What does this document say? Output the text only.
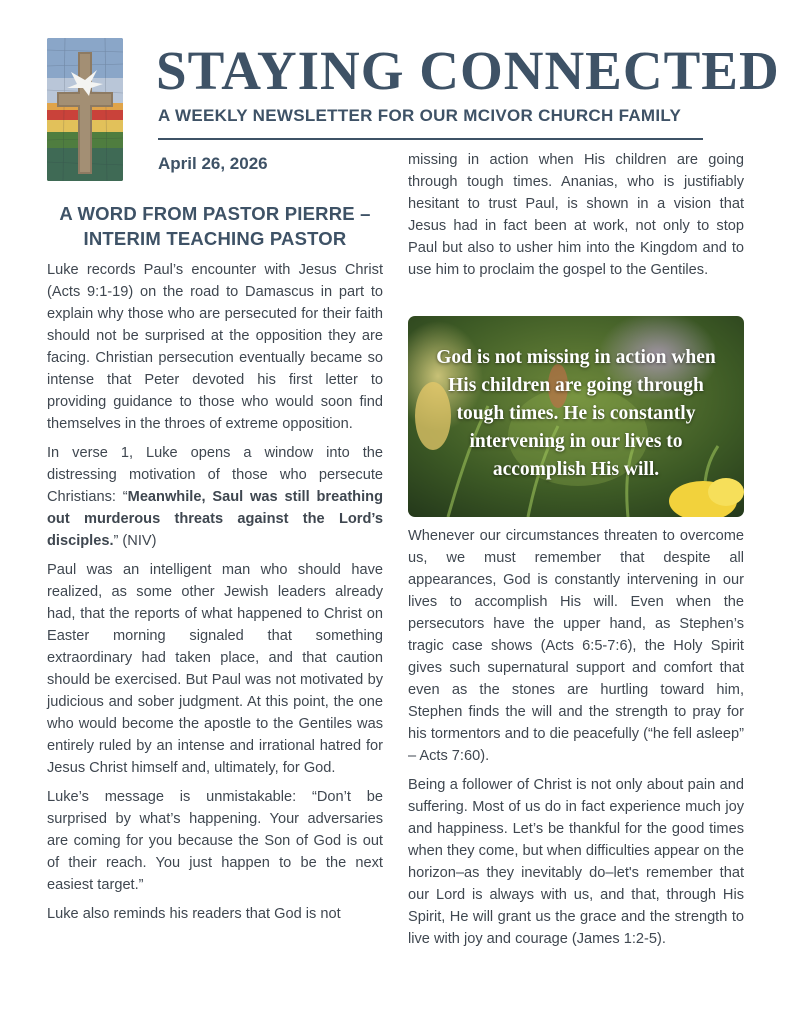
STAYING CONNECTED

A WEEKLY NEWSLETTER FOR OUR MCIVOR CHURCH FAMILY

April 26, 2026

A WORD FROM PASTOR PIERRE – INTERIM TEACHING PASTOR

Luke records Paul’s encounter with Jesus Christ (Acts 9:1-19) on the road to Damascus in part to explain why those who are persecuted for their faith should not be surprised at the opposition they are facing. Christian persecution eventually became so intense that Peter devoted his first letter to providing guidance to those who would soon find themselves in the throes of extreme opposition.

In verse 1, Luke opens a window into the distressing motivation of those who persecute Christians: “Meanwhile, Saul was still breathing out murderous threats against the Lord’s disciples.” (NIV)

Paul was an intelligent man who should have realized, as some other Jewish leaders already had, that the reports of what happened to Christ on Easter morning signaled that something extraordinary had taken place, and that caution should be exercised. But Paul was not motivated by judicious and sober judgment. At this point, the one who would become the apostle to the Gentiles was entirely ruled by an intense and irrational hatred for Jesus Christ himself and, ultimately, for God.

Luke’s message is unmistakable: “Don’t be surprised by what’s happening. Your adversaries are coming for you because the Son of God is out of their reach. You just happen to be the next easiest target.”

Luke also reminds his readers that God is not

missing in action when His children are going through tough times. Ananias, who is justifiably hesitant to trust Paul, is shown in a vision that Jesus had in fact been at work, not only to stop Paul but also to usher him into the Kingdom and to use him to proclaim the gospel to the Gentiles.

God is not missing in action when His children are going through tough times. He is constantly intervening in our lives to accomplish His will.

Whenever our circumstances threaten to overcome us, we must remember that despite all appearances, God is constantly intervening in our lives to accomplish His will. Even when the persecutors have the upper hand, as Stephen’s tragic case shows (Acts 6:5-7:6), the Holy Spirit gives such supernatural support and comfort that even as the stones are hurtling toward him, Stephen finds the will and the strength to pray for his tormentors and to die peacefully (“he fell asleep” – Acts 7:60).

Being a follower of Christ is not only about pain and suffering. Most of us do in fact experience much joy and happiness. Let’s be thankful for the good times when they come, but when difficulties appear on the horizon–as they inevitably do–let's remember that our Lord is always with us, and that, through His Spirit, He will grant us the grace and the strength to live with joy and courage (James 1:2-5).
